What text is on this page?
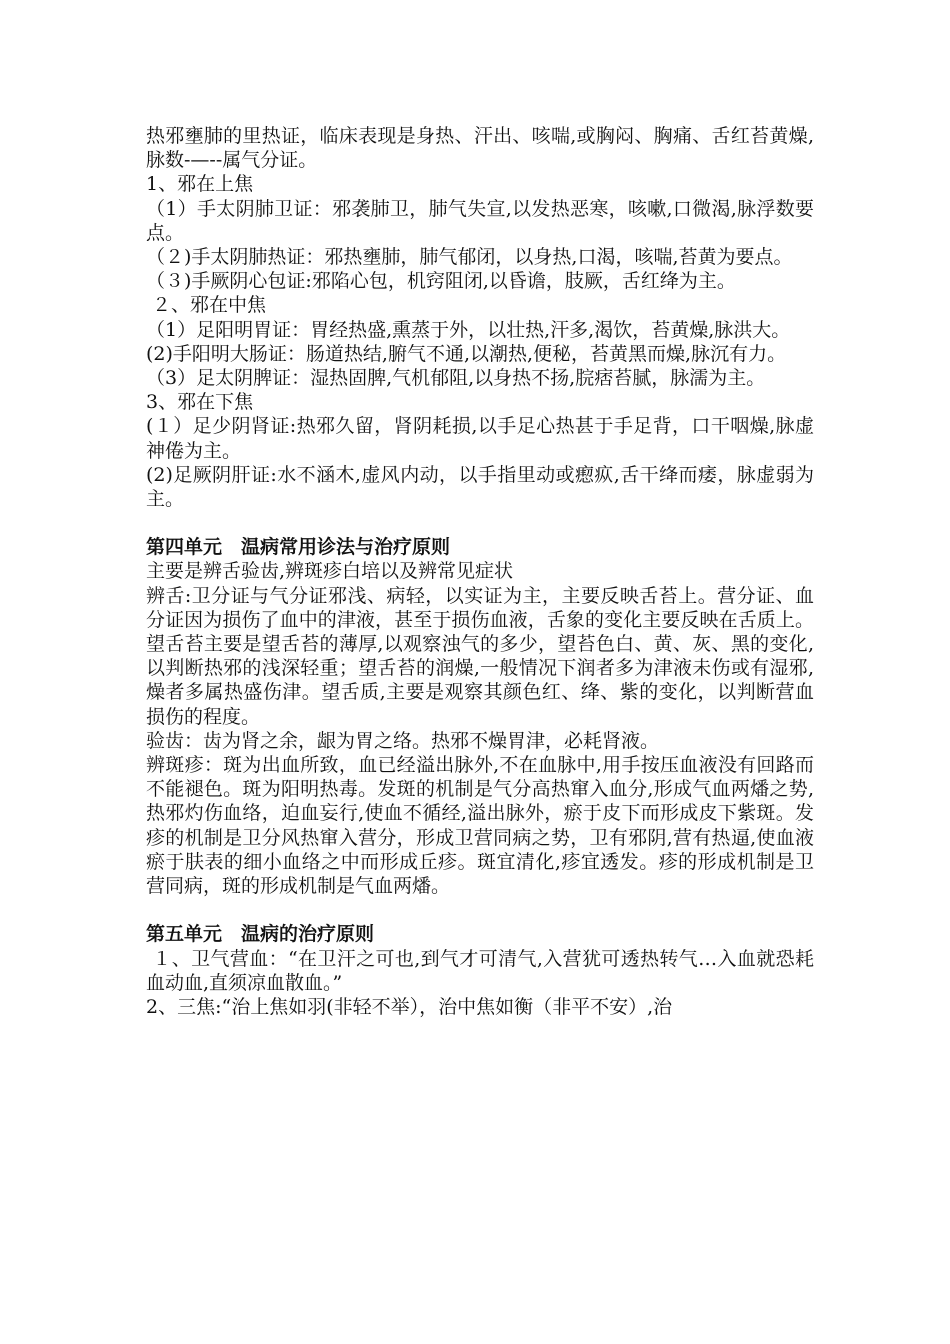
热邪壅肺的里热证，临床表现是身热、汗出、咳喘,或胸闷、胸痛、舌红苔黄燥,脉数-—--属气分证。

1、邪在上焦

（1）手太阴肺卫证：邪袭肺卫，肺气失宣,以发热恶寒，咳嗽,口微渴,脉浮数要点。

（２)手太阴肺热证：邪热壅肺，肺气郁闭，以身热,口渴，咳喘,苔黄为要点。

（３)手厥阴心包证:邪陷心包，机窍阻闭,以昏谵，肢厥，舌红绛为主。

２、邪在中焦

（1）足阳明胃证：胃经热盛,熏蒸于外，以壮热,汗多,渴饮，苔黄燥,脉洪大。

(2)手阳明大肠证：肠道热结,腑气不通,以潮热,便秘，苔黄黑而燥,脉沉有力。

（3）足太阴脾证：湿热固脾,气机郁阻,以身热不扬,脘痞苔腻，脉濡为主。

3、邪在下焦

(１）足少阴肾证:热邪久留，肾阴耗损,以手足心热甚于手足背，口干咽燥,脉虚神倦为主。

(2)足厥阴肝证:水不涵木,虚风内动，以手指里动或瘛疭,舌干绛而痿，脉虚弱为主。

第四单元　温病常用诊法与治疗原则

主要是辨舌验齿,辨斑疹白培以及辨常见症状

辨舌:卫分证与气分证邪浅、病轻，以实证为主，主要反映舌苔上。营分证、血分证因为损伤了血中的津液，甚至于损伤血液，舌象的变化主要反映在舌质上。望舌苔主要是望舌苔的薄厚,以观察浊气的多少，望苔色白、黄、灰、黑的变化,以判断热邪的浅深轻重；望舌苔的润燥,一般情况下润者多为津液未伤或有湿邪,燥者多属热盛伤津。望舌质,主要是观察其颜色红、绛、紫的变化，以判断营血损伤的程度。

验齿：齿为肾之余，龈为胃之络。热邪不燥胃津，必耗肾液。

辨斑疹：斑为出血所致，血已经溢出脉外,不在血脉中,用手按压血液没有回路而不能褪色。斑为阳明热毒。发斑的机制是气分高热窜入血分,形成气血两燔之势,热邪灼伤血络，迫血妄行,使血不循经,溢出脉外，瘀于皮下而形成皮下紫斑。发疹的机制是卫分风热窜入营分，形成卫营同病之势，卫有邪阴,营有热逼,使血液瘀于肤表的细小血络之中而形成丘疹。斑宜清化,疹宜透发。疹的形成机制是卫营同病，斑的形成机制是气血两燔。

第五单元　温病的治疗原则

１、卫气营血：“在卫汗之可也,到气才可清气,入营犹可透热转气…入血就恐耗血动血,直须凉血散血。”

2、三焦:“治上焦如羽(非轻不举），治中焦如衡（非平不安）,治
